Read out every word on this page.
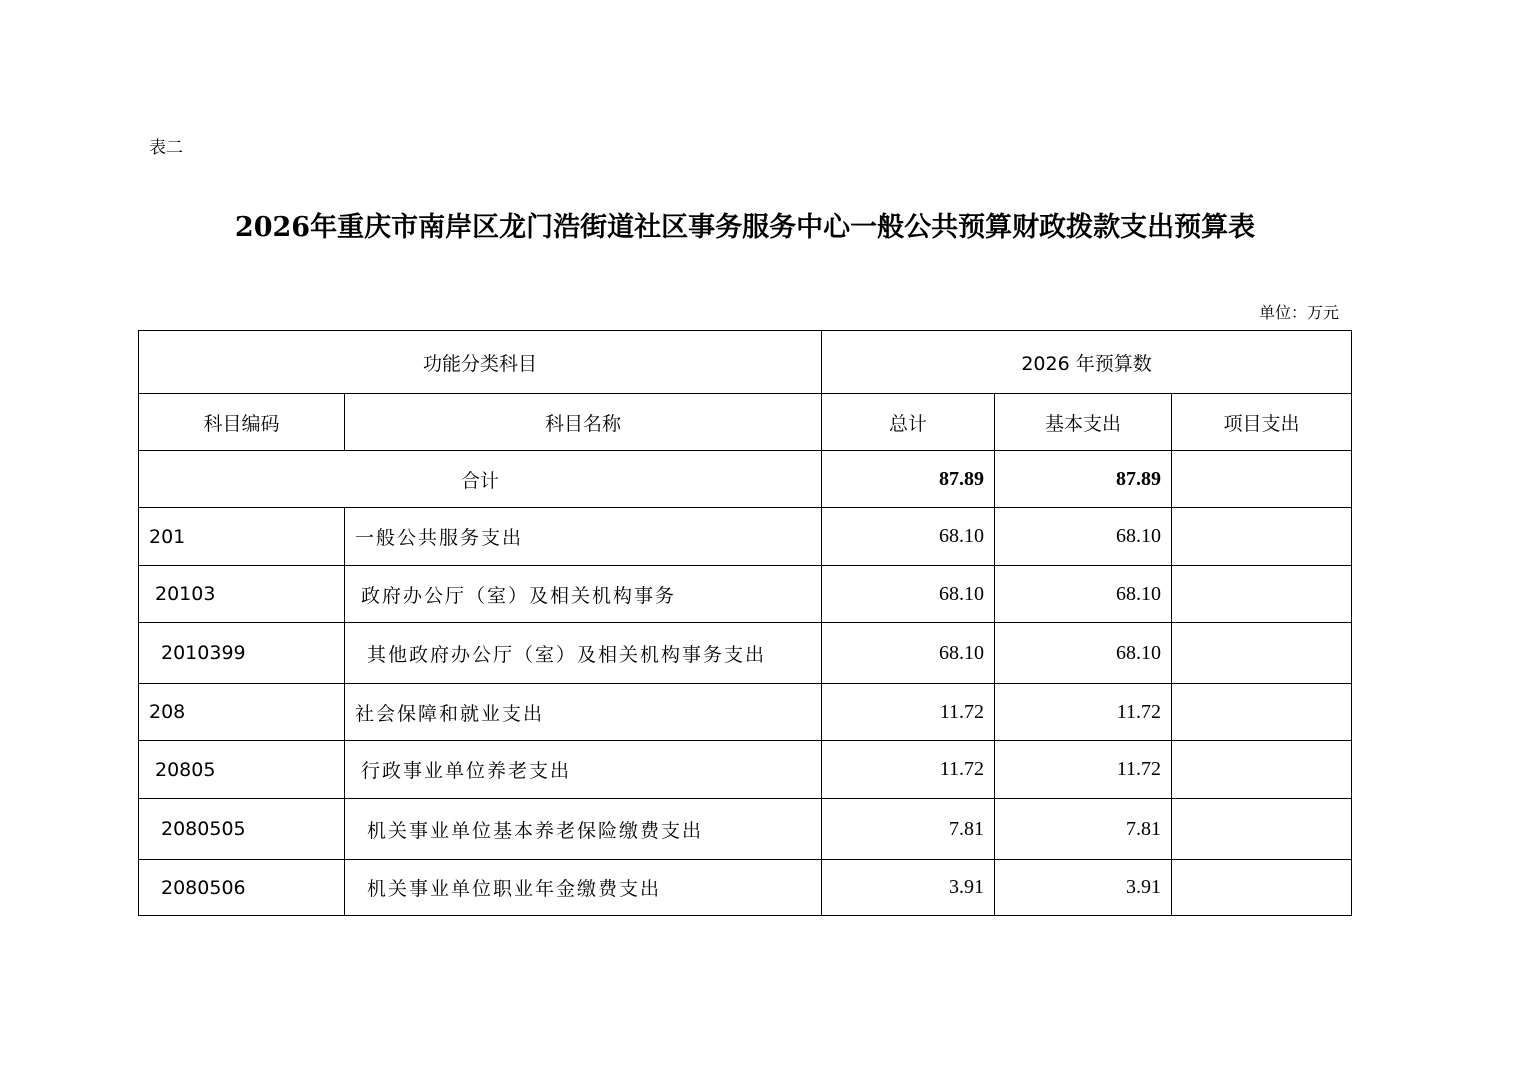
表二
2026年重庆市南岸区龙门浩街道社区事务服务中心一般公共预算财政拨款支出预算表
单位：万元
功能分类科目		2026 年预算数		
科目编码	科目名称	总计	基本支出	项目支出
合计		87.89	87.89	
201	一般公共服务支出	68.10	68.10	
20103	政府办公厅（室）及相关机构事务	68.10	68.10	
2010399	其他政府办公厅（室）及相关机构事务支出	68.10	68.10	
208	社会保障和就业支出	11.72	11.72	
20805	行政事业单位养老支出	11.72	11.72	
2080505	机关事业单位基本养老保险缴费支出	7.81	7.81	
2080506	机关事业单位职业年金缴费支出	3.91	3.91	
